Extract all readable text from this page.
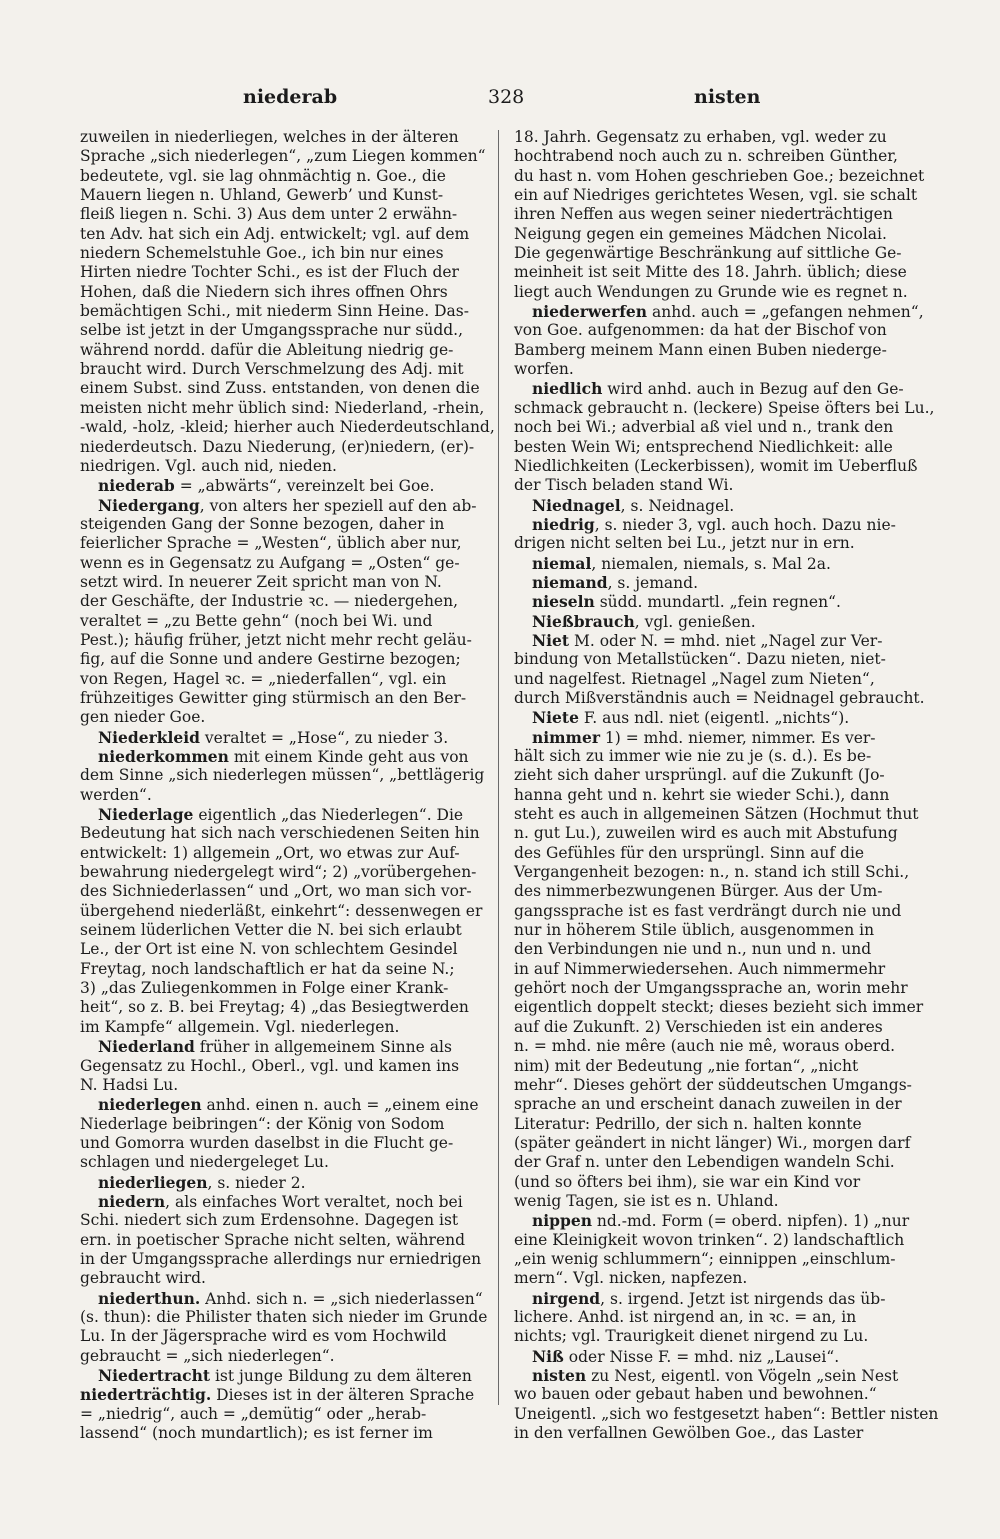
niederab	328	nisten
zuweilen in niederliegen, welches in der älteren
Sprache „sich niederlegen“, „zum Liegen kommen“
bedeutete, vgl. sie lag ohnmächtig n. Goe., die
Mauern liegen n. Uhland, Gewerb’ und Kunst-
fleiß liegen n. Schi. 3) Aus dem unter 2 erwähn-
ten Adv. hat sich ein Adj. entwickelt; vgl. auf dem
niedern Schemelstuhle Goe., ich bin nur eines
Hirten niedre Tochter Schi., es ist der Fluch der
Hohen, daß die Niedern sich ihres offnen Ohrs
bemächtigen Schi., mit niederm Sinn Heine. Das-
selbe ist jetzt in der Umgangssprache nur südd.,
während nordd. dafür die Ableitung niedrig ge-
braucht wird. Durch Verschmelzung des Adj. mit
einem Subst. sind Zuss. entstanden, von denen die
meisten nicht mehr üblich sind: Niederland, -rhein,
-wald, -holz, -kleid; hierher auch Niederdeutschland,
niederdeutsch. Dazu Niederung, (er)niedern, (er)-
niedrigen. Vgl. auch nid, nieden.
niederab = „abwärts“, vereinzelt bei Goe.
Niedergang, von alters her speziell auf den ab-
steigenden Gang der Sonne bezogen, daher in
feierlicher Sprache = „Westen“, üblich aber nur,
wenn es in Gegensatz zu Aufgang = „Osten“ ge-
setzt wird. In neuerer Zeit spricht man von N.
der Geschäfte, der Industrie ꝛc. — niedergehen,
veraltet = „zu Bette gehn“ (noch bei Wi. und
Pest.); häufig früher, jetzt nicht mehr recht geläu-
fig, auf die Sonne und andere Gestirne bezogen;
von Regen, Hagel ꝛc. = „niederfallen“, vgl. ein
frühzeitiges Gewitter ging stürmisch an den Ber-
gen nieder Goe.
Niederkleid veraltet = „Hose“, zu nieder 3.
niederkommen mit einem Kinde geht aus von
dem Sinne „sich niederlegen müssen“, „bettlägerig
werden“.
Niederlage eigentlich „das Niederlegen“. Die
Bedeutung hat sich nach verschiedenen Seiten hin
entwickelt: 1) allgemein „Ort, wo etwas zur Auf-
bewahrung niedergelegt wird“; 2) „vorübergehen-
des Sichniederlassen“ und „Ort, wo man sich vor-
übergehend niederläßt, einkehrt“: dessenwegen er
seinem lüderlichen Vetter die N. bei sich erlaubt
Le., der Ort ist eine N. von schlechtem Gesindel
Freytag, noch landschaftlich er hat da seine N.;
3) „das Zuliegenkommen in Folge einer Krank-
heit“, so z. B. bei Freytag; 4) „das Besiegtwerden
im Kampfe“ allgemein. Vgl. niederlegen.
Niederland früher in allgemeinem Sinne als
Gegensatz zu Hochl., Oberl., vgl. und kamen ins
N. Hadsi Lu.
niederlegen anhd. einen n. auch = „einem eine
Niederlage beibringen“: der König von Sodom
und Gomorra wurden daselbst in die Flucht ge-
schlagen und niedergeleget Lu.
niederliegen, s. nieder 2.
niedern, als einfaches Wort veraltet, noch bei
Schi. niedert sich zum Erdensohne. Dagegen ist
ern. in poetischer Sprache nicht selten, während
in der Umgangssprache allerdings nur erniedrigen
gebraucht wird.
niederthun. Anhd. sich n. = „sich niederlassen“
(s. thun): die Philister thaten sich nieder im Grunde
Lu. In der Jägersprache wird es vom Hochwild
gebraucht = „sich niederlegen“.
Niedertracht ist junge Bildung zu dem älteren
niederträchtig. Dieses ist in der älteren Sprache
= „niedrig“, auch = „demütig“ oder „herab-
lassend“ (noch mundartlich); es ist ferner im
18. Jahrh. Gegensatz zu erhaben, vgl. weder zu
hochtrabend noch auch zu n. schreiben Günther,
du hast n. vom Hohen geschrieben Goe.; bezeichnet
ein auf Niedriges gerichtetes Wesen, vgl. sie schalt
ihren Neffen aus wegen seiner niederträchtigen
Neigung gegen ein gemeines Mädchen Nicolai.
Die gegenwärtige Beschränkung auf sittliche Ge-
meinheit ist seit Mitte des 18. Jahrh. üblich; diese
liegt auch Wendungen zu Grunde wie es regnet n.
niederwerfen anhd. auch = „gefangen nehmen“,
von Goe. aufgenommen: da hat der Bischof von
Bamberg meinem Mann einen Buben niederge-
worfen.
niedlich wird anhd. auch in Bezug auf den Ge-
schmack gebraucht n. (leckere) Speise öfters bei Lu.,
noch bei Wi.; adverbial aß viel und n., trank den
besten Wein Wi; entsprechend Niedlichkeit: alle
Niedlichkeiten (Leckerbissen), womit im Ueberfluß
der Tisch beladen stand Wi.
Niednagel, s. Neidnagel.
niedrig, s. nieder 3, vgl. auch hoch. Dazu nie-
drigen nicht selten bei Lu., jetzt nur in ern.
niemal, niemalen, niemals, s. Mal 2a.
niemand, s. jemand.
nieseln südd. mundartl. „fein regnen“.
Nießbrauch, vgl. genießen.
Niet M. oder N. = mhd. niet „Nagel zur Ver-
bindung von Metallstücken“. Dazu nieten, niet-
und nagelfest. Rietnagel „Nagel zum Nieten“,
durch Mißverständnis auch = Neidnagel gebraucht.
Niete F. aus ndl. niet (eigentl. „nichts“).
nimmer 1) = mhd. niemer, nimmer. Es ver-
hält sich zu immer wie nie zu je (s. d.). Es be-
zieht sich daher ursprüngl. auf die Zukunft (Jo-
hanna geht und n. kehrt sie wieder Schi.), dann
steht es auch in allgemeinen Sätzen (Hochmut thut
n. gut Lu.), zuweilen wird es auch mit Abstufung
des Gefühles für den ursprüngl. Sinn auf die
Vergangenheit bezogen: n., n. stand ich still Schi.,
des nimmerbezwungenen Bürger. Aus der Um-
gangssprache ist es fast verdrängt durch nie und
nur in höherem Stile üblich, ausgenommen in
den Verbindungen nie und n., nun und n. und
in auf Nimmerwiedersehen. Auch nimmermehr
gehört noch der Umgangssprache an, worin mehr
eigentlich doppelt steckt; dieses bezieht sich immer
auf die Zukunft. 2) Verschieden ist ein anderes
n. = mhd. nie mêre (auch nie mê, woraus oberd.
nim) mit der Bedeutung „nie fortan“, „nicht
mehr“. Dieses gehört der süddeutschen Umgangs-
sprache an und erscheint danach zuweilen in der
Literatur: Pedrillo, der sich n. halten konnte
(später geändert in nicht länger) Wi., morgen darf
der Graf n. unter den Lebendigen wandeln Schi.
(und so öfters bei ihm), sie war ein Kind vor
wenig Tagen, sie ist es n. Uhland.
nippen nd.-md. Form (= oberd. nipfen). 1) „nur
eine Kleinigkeit wovon trinken“. 2) landschaftlich
„ein wenig schlummern“; einnippen „einschlum-
mern“. Vgl. nicken, napfezen.
nirgend, s. irgend. Jetzt ist nirgends das üb-
lichere. Anhd. ist nirgend an, in ꝛc. = an, in
nichts; vgl. Traurigkeit dienet nirgend zu Lu.
Niß oder Nisse F. = mhd. niz „Lausei“.
nisten zu Nest, eigentl. von Vögeln „sein Nest
wo bauen oder gebaut haben und bewohnen.“
Uneigentl. „sich wo festgesetzt haben“: Bettler nisten
in den verfallnen Gewölben Goe., das Laster
